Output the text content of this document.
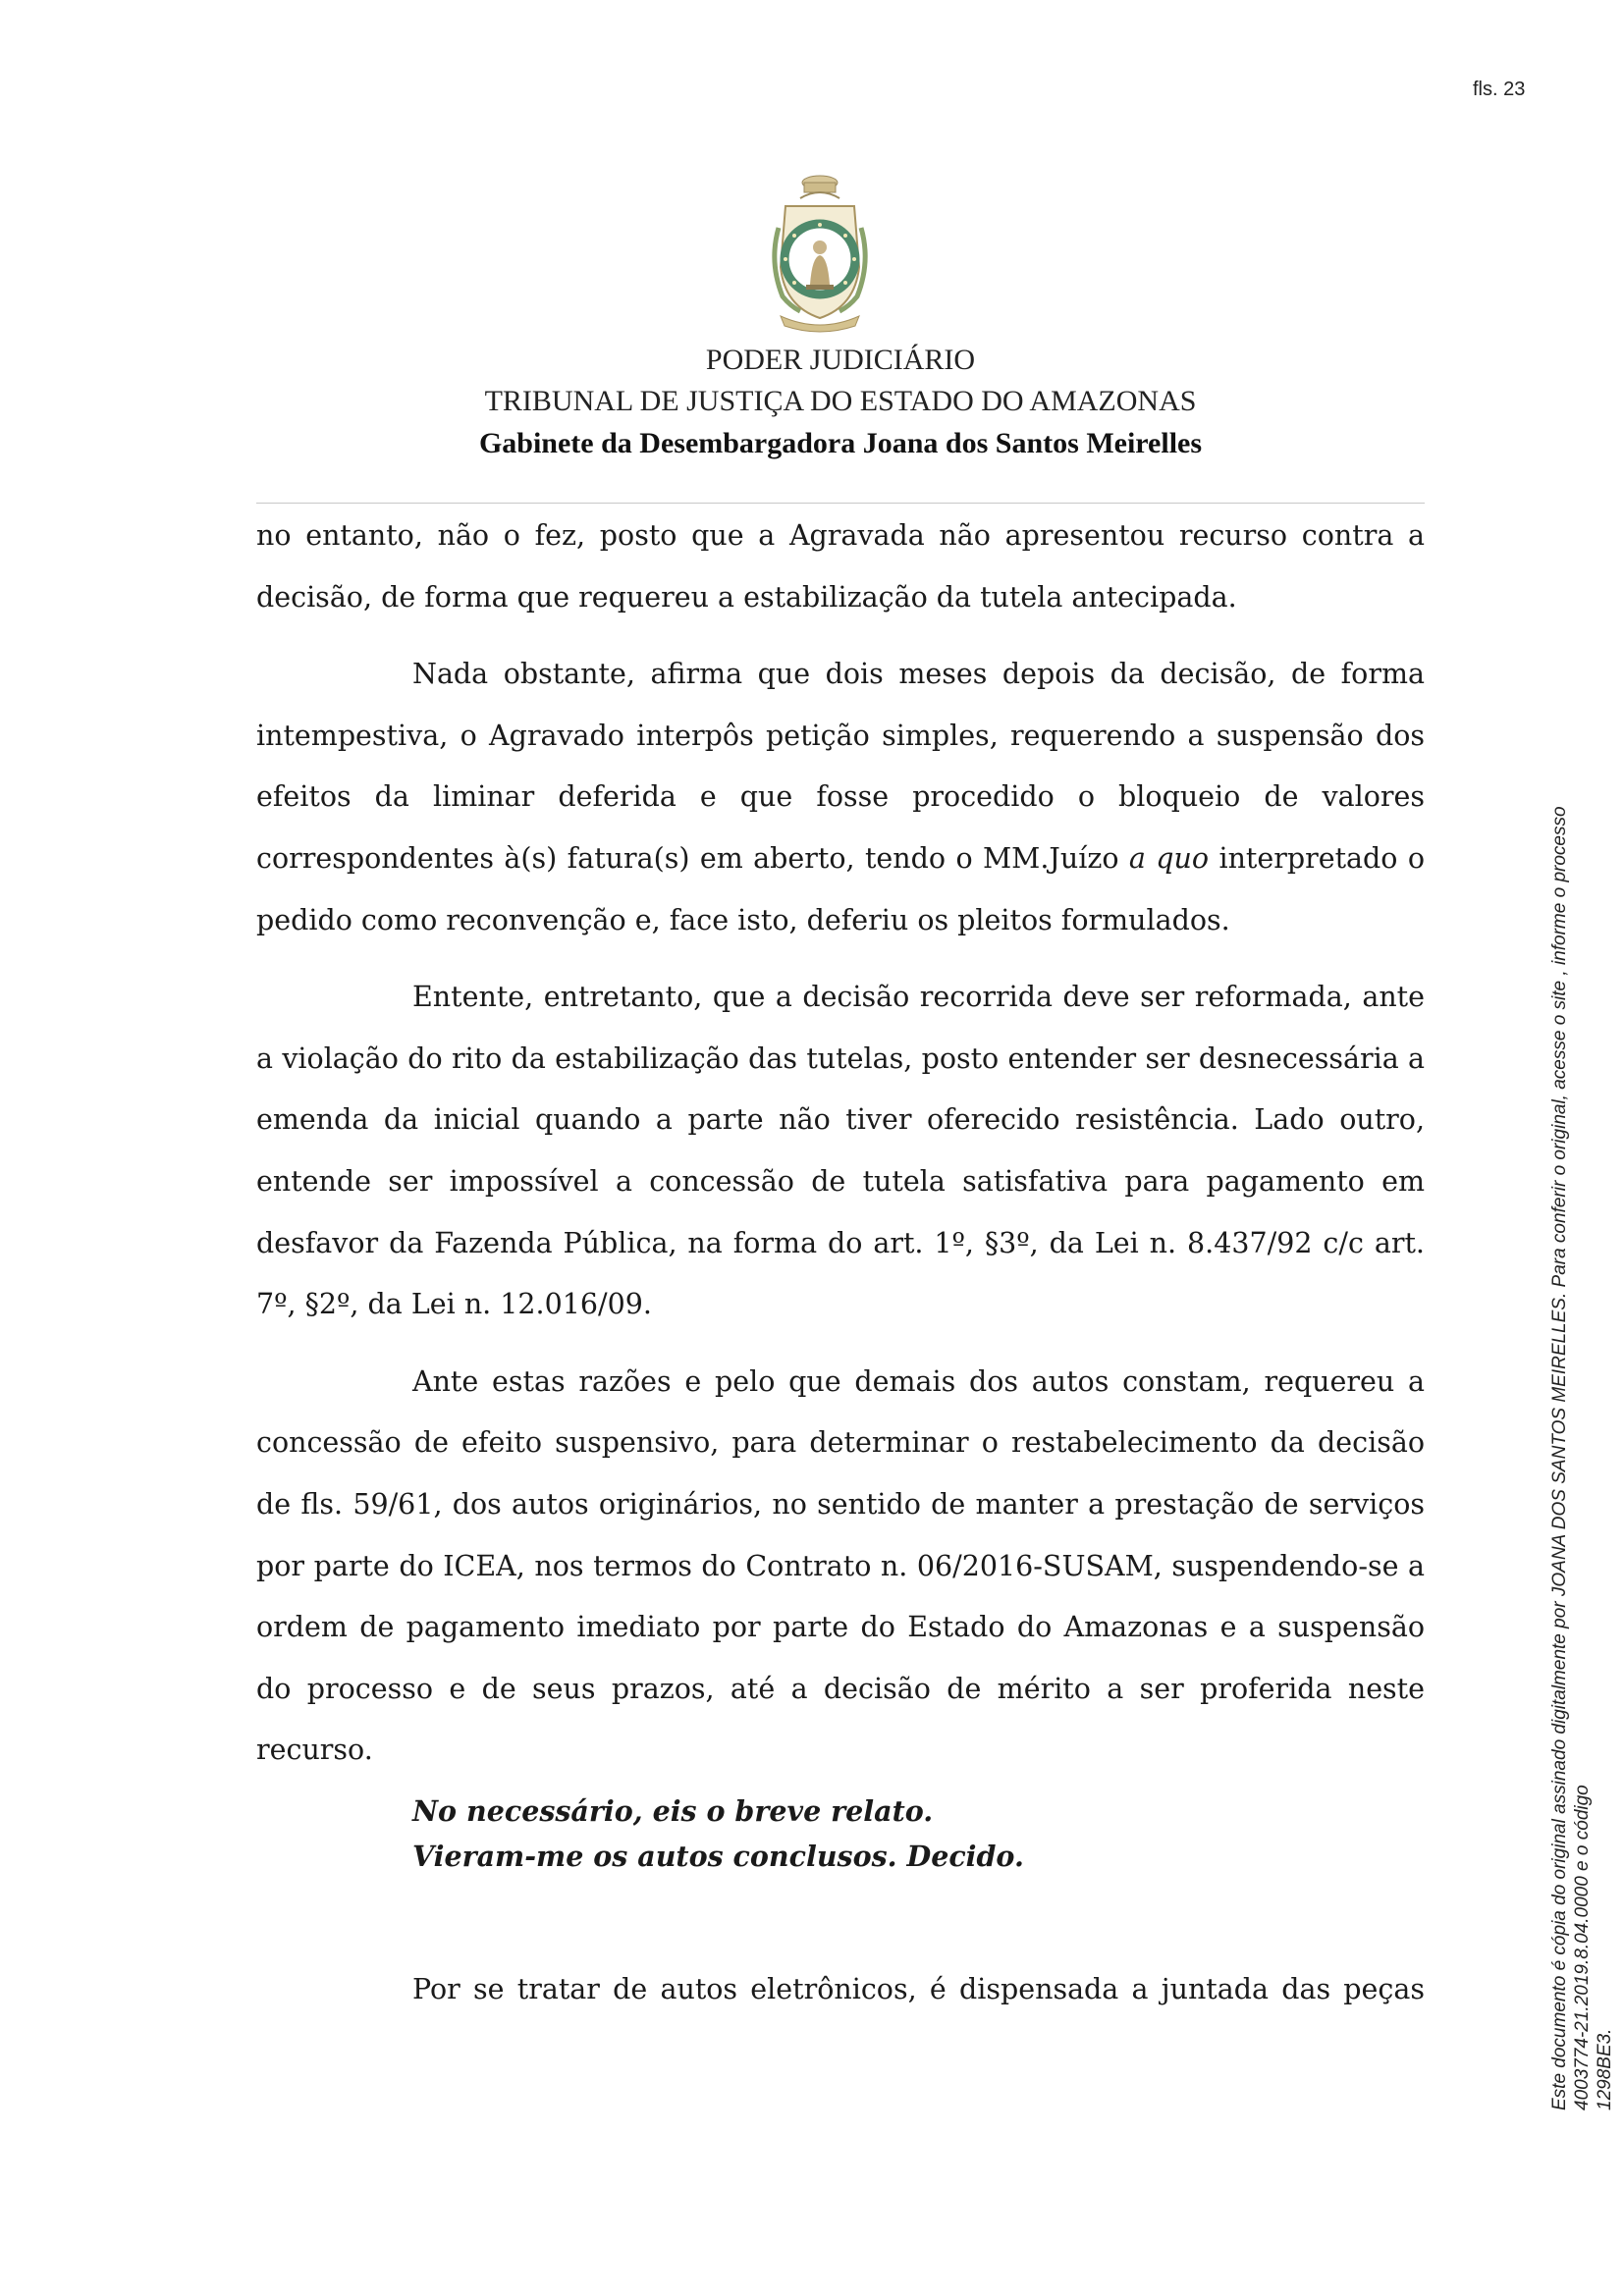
fls. 23
PODER JUDICIÁRIO
TRIBUNAL DE JUSTIÇA DO ESTADO DO AMAZONAS
Gabinete da Desembargadora Joana dos Santos Meirelles

no entanto, não o fez, posto que a Agravada não apresentou recurso contra a decisão, de forma que requereu a estabilização da tutela antecipada.

Nada obstante, afirma que dois meses depois da decisão, de forma intempestiva, o Agravado interpôs petição simples, requerendo a suspensão dos efeitos da liminar deferida e que fosse procedido o bloqueio de valores correspondentes à(s) fatura(s) em aberto, tendo o MM.Juízo a quo interpretado o pedido como reconvenção e, face isto, deferiu os pleitos formulados.

Entente, entretanto, que a decisão recorrida deve ser reformada, ante a violação do rito da estabilização das tutelas, posto entender ser desnecessária a emenda da inicial quando a parte não tiver oferecido resistência. Lado outro, entende ser impossível a concessão de tutela satisfativa para pagamento em desfavor da Fazenda Pública, na forma do art. 1º, §3º, da Lei n. 8.437/92 c/c art. 7º, §2º, da Lei n. 12.016/09.

Ante estas razões e pelo que demais dos autos constam, requereu a concessão de efeito suspensivo, para determinar o restabelecimento da decisão de fls. 59/61, dos autos originários, no sentido de manter a prestação de serviços por parte do ICEA, nos termos do Contrato n. 06/2016-SUSAM, suspendendo-se a ordem de pagamento imediato por parte do Estado do Amazonas e a suspensão do processo e de seus prazos, até a decisão de mérito a ser proferida neste recurso.

No necessário, eis o breve relato.
Vieram-me os autos conclusos. Decido.
Por se tratar de autos eletrônicos, é dispensada a juntada das peças	Este documento é cópia do original assinado digitalmente por JOANA DOS SANTOS MEIRELLES. Para conferir o original, acesse o site , informe o processo 4003774-21.2019.8.04.0000 e o código 1298BE3.
